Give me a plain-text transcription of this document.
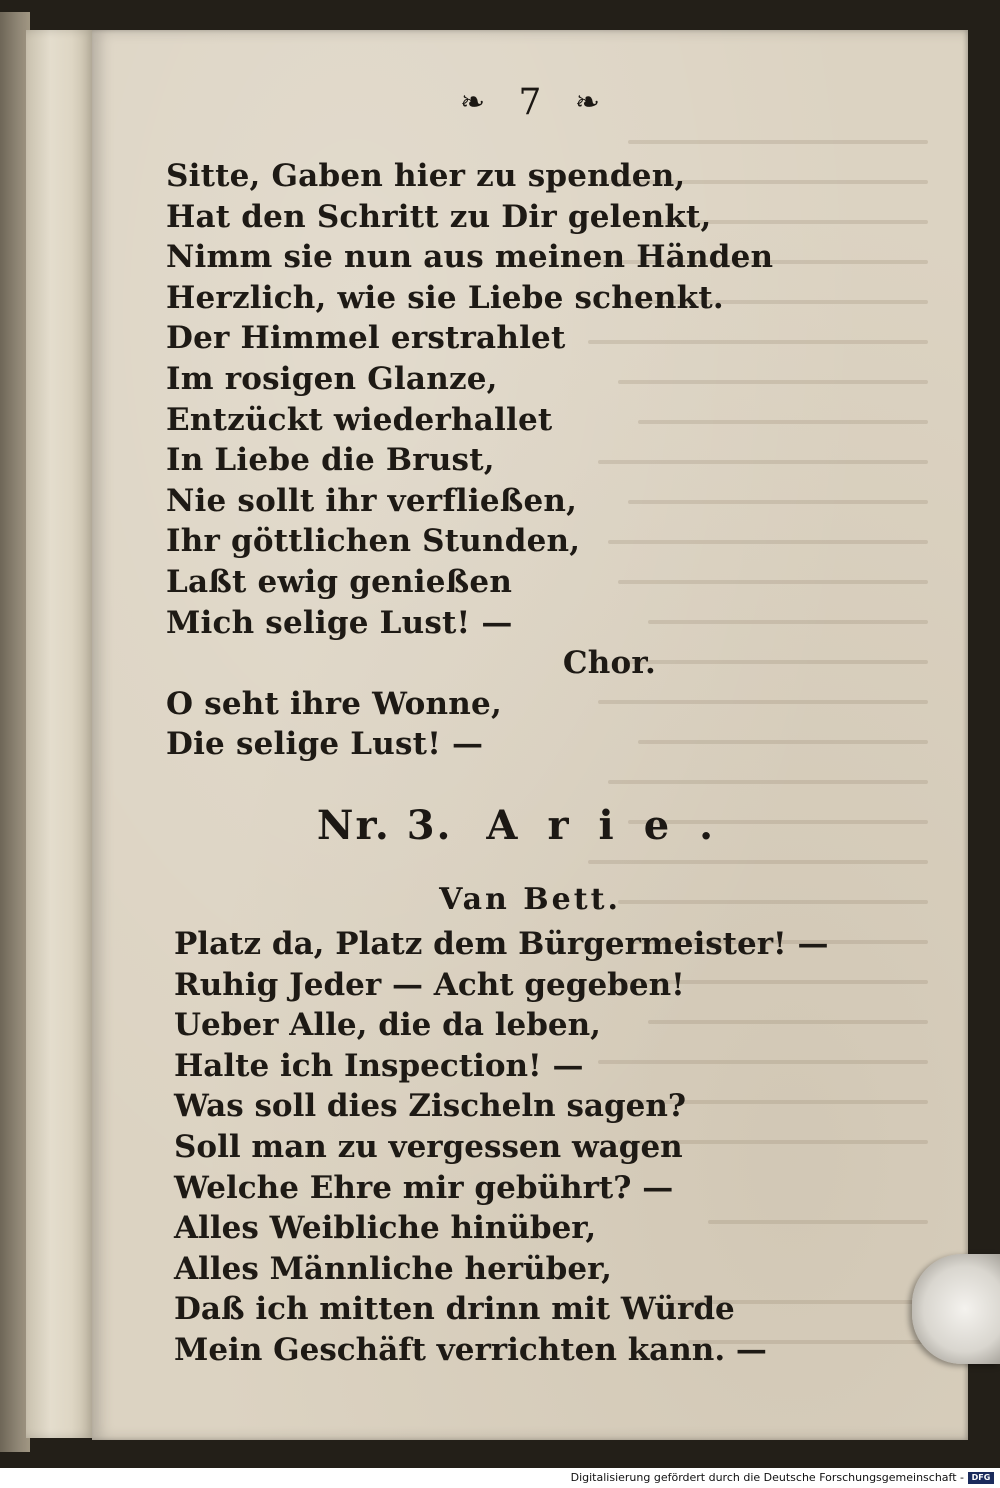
❧ 7 ❧
Sitte, Gaben hier zu spenden,
Hat den Schritt zu Dir gelenkt,
Nimm sie nun aus meinen Händen
Herzlich, wie sie Liebe schenkt.
Der Himmel erstrahlet
Im rosigen Glanze,
Entzückt wiederhallet
In Liebe die Brust,
Nie sollt ihr verfließen,
Ihr göttlichen Stunden,
Laßt ewig genießen
Mich selige Lust! —
Chor.
O seht ihre Wonne,
Die selige Lust! —
Nr. 3. Arie.
Van Bett.
Platz da, Platz dem Bürgermeister! —
Ruhig Jeder — Acht gegeben!
Ueber Alle, die da leben,
Halte ich Inspection! —
Was soll dies Zischeln sagen?
Soll man zu vergessen wagen
Welche Ehre mir gebührt? —
Alles Weibliche hinüber,
Alles Männliche herüber,
Daß ich mitten drinn mit Würde
Mein Geschäft verrichten kann. —
Digitalisierung gefördert durch die Deutsche Forschungsgemeinschaft - DFG
